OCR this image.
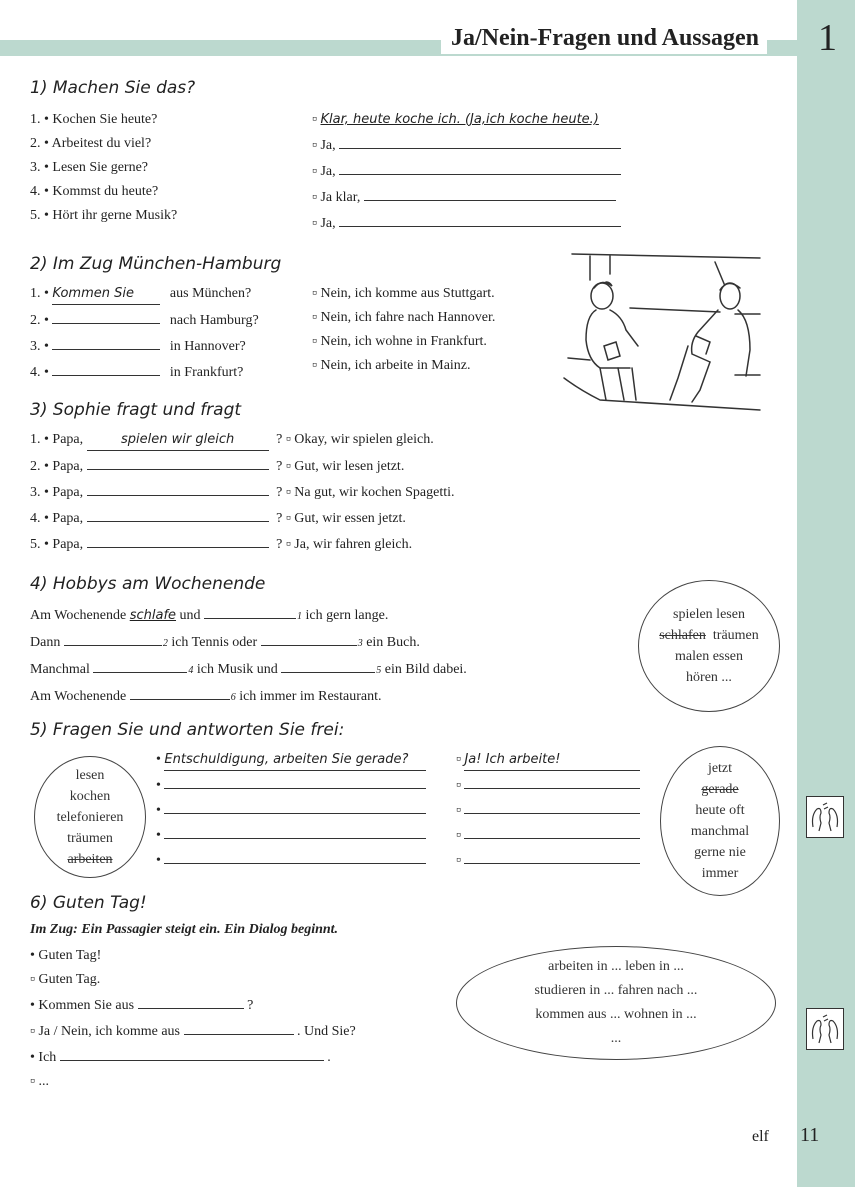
Ja/Nein-Fragen und Aussagen 1
1) Machen Sie das?
1. • Kochen Sie heute?
2. • Arbeitest du viel?
3. • Lesen Sie gerne?
4. • Kommst du heute?
5. • Hört ihr gerne Musik?
▫ Klar, heute koche ich. (Ja,ich koche heute.)
▫ Ja,
▫ Ja,
▫ Ja klar,
▫ Ja,
2) Im Zug München-Hamburg
1. • Kommen Sie	aus München?
2. •	nach Hamburg?
3. •	in Hannover?
4. •	in Frankfurt?
▫ Nein, ich komme aus Stuttgart.
▫ Nein, ich fahre nach Hannover.
▫ Nein, ich wohne in Frankfurt.
▫ Nein, ich arbeite in Mainz.
3) Sophie fragt und fragt
1. • Papa,	spielen wir gleich	? ▫ Okay, wir spielen gleich.
2. • Papa,	? ▫ Gut, wir lesen jetzt.
3. • Papa,	? ▫ Na gut, wir kochen Spagetti.
4. • Papa,	? ▫ Gut, wir essen jetzt.
5. • Papa,	? ▫ Ja, wir fahren gleich.
4) Hobbys am Wochenende
Am Wochenende schlafe und	1 ich gern lange.
Dann	2 ich Tennis oder	3 ein Buch.
Manchmal	4 ich Musik und	5 ein Bild dabei.
Am Wochenende	6 ich immer im Restaurant.
spielen lesen
schlafen träumen
malen essen
hören ...
5) Fragen Sie und antworten Sie frei:
lesen
kochen
telefonieren
träumen
arbeiten
• Entschuldigung, arbeiten Sie gerade?
•
•
•
•
▫ Ja! Ich arbeite!
▫
▫
▫
▫
jetzt
gerade
heute oft
manchmal
gerne nie
immer
6) Guten Tag!
Im Zug: Ein Passagier steigt ein. Ein Dialog beginnt.
• Guten Tag!
▫ Guten Tag.
• Kommen Sie aus	?
▫ Ja / Nein, ich komme aus	. Und Sie?
• Ich	.
▫ ...
arbeiten in ... leben in ...
studieren in ... fahren nach ...
kommen aus ... wohnen in ...
...
elf 11
